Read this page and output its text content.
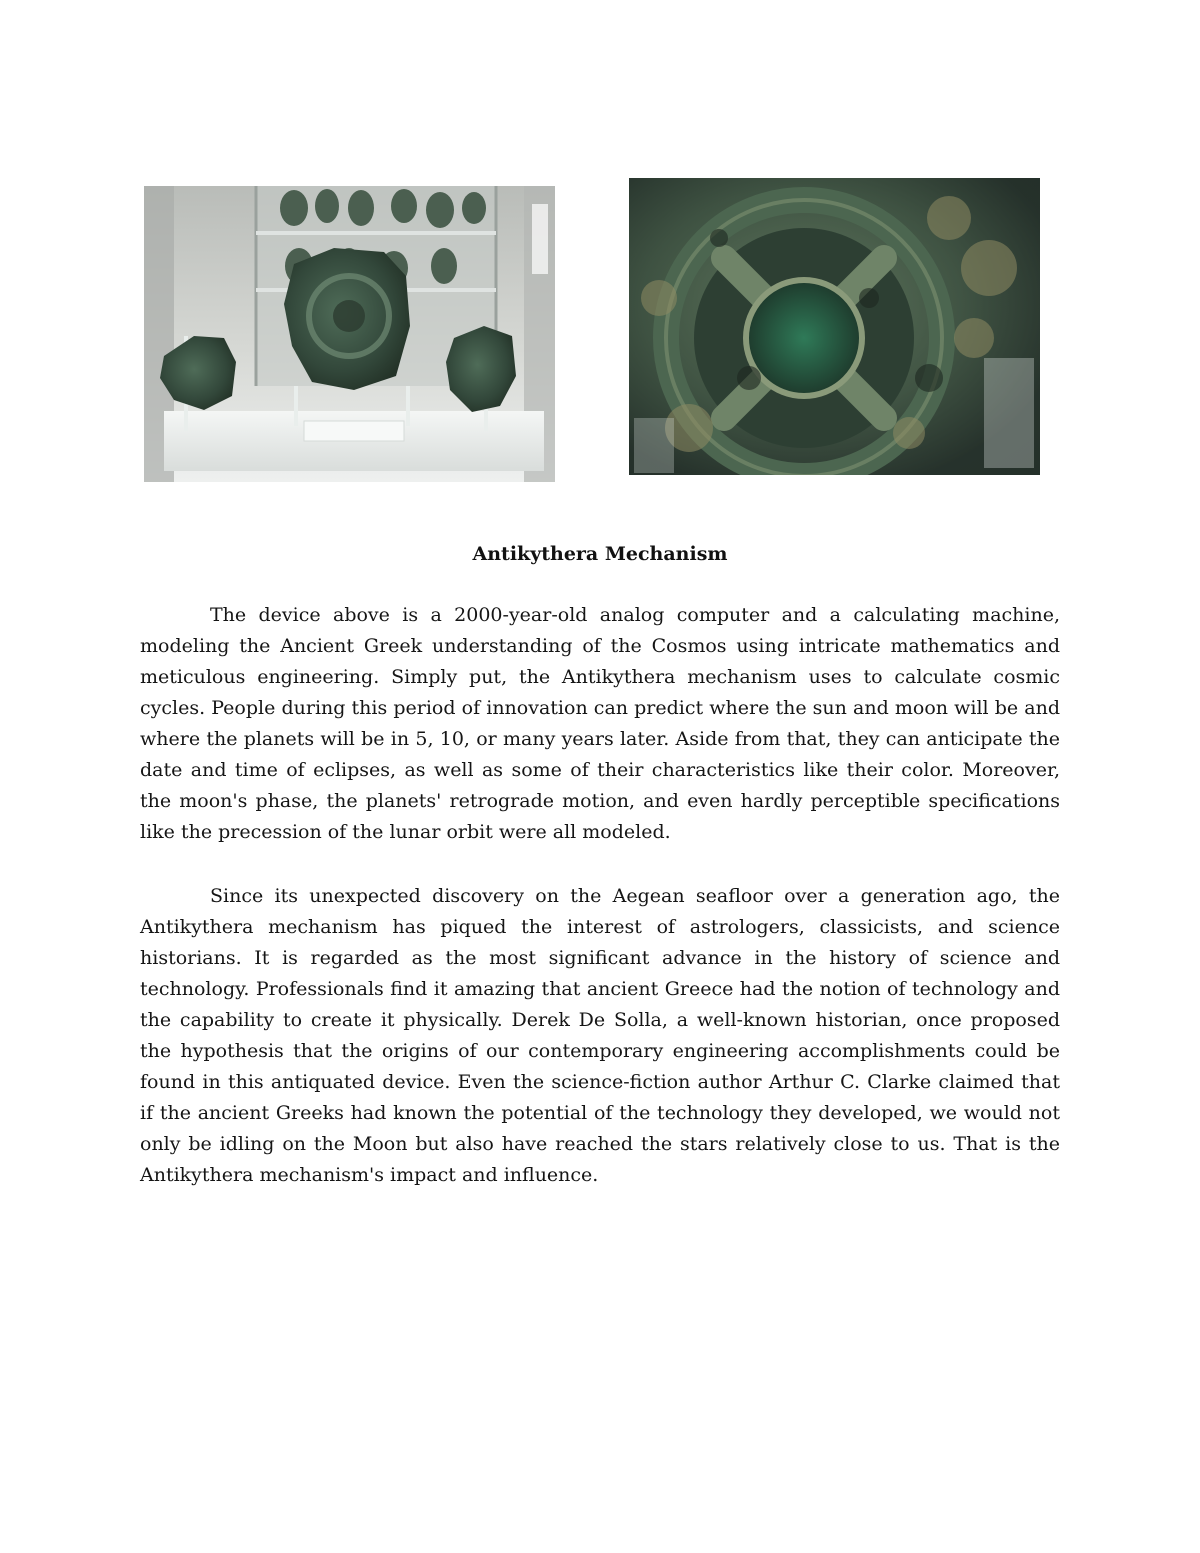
Antikythera Mechanism

The device above is a 2000-year-old analog computer and a calculating machine, modeling the Ancient Greek understanding of the Cosmos using intricate mathematics and meticulous engineering. Simply put, the Antikythera mechanism uses to calculate cosmic cycles. People during this period of innovation can predict where the sun and moon will be and where the planets will be in 5, 10, or many years later. Aside from that, they can anticipate the date and time of eclipses, as well as some of their characteristics like their color. Moreover, the moon's phase, the planets' retrograde motion, and even hardly perceptible specifications like the precession of the lunar orbit were all modeled.

Since its unexpected discovery on the Aegean seafloor over a generation ago, the Antikythera mechanism has piqued the interest of astrologers, classicists, and science historians. It is regarded as the most significant advance in the history of science and technology. Professionals find it amazing that ancient Greece had the notion of technology and the capability to create it physically. Derek De Solla, a well-known historian, once proposed the hypothesis that the origins of our contemporary engineering accomplishments could be found in this antiquated device. Even the science-fiction author Arthur C. Clarke claimed that if the ancient Greeks had known the potential of the technology they developed, we would not only be idling on the Moon but also have reached the stars relatively close to us. That is the Antikythera mechanism's impact and influence.
